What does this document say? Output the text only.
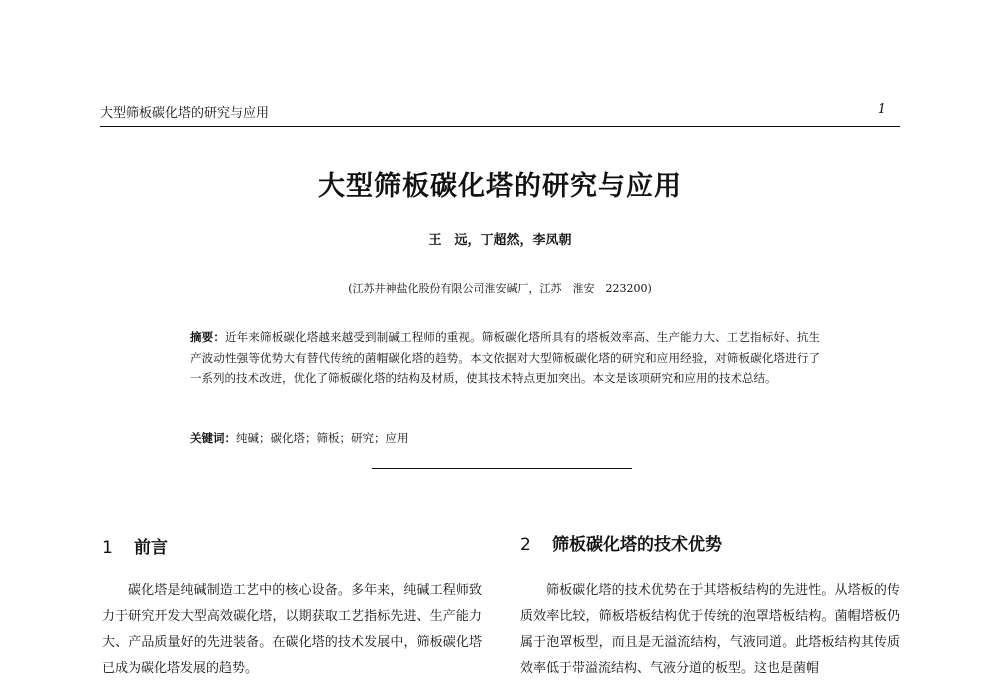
大型筛板碳化塔的研究与应用	1
大型筛板碳化塔的研究与应用
王　远，丁超然，李凤朝
(江苏井神盐化股份有限公司淮安碱厂，江苏　淮安　223200)
摘要：近年来筛板碳化塔越来越受到制碱工程师的重视。筛板碳化塔所具有的塔板效率高、生产能力大、工艺指标好、抗生产波动性强等优势大有替代传统的菌帽碳化塔的趋势。本文依据对大型筛板碳化塔的研究和应用经验，对筛板碳化塔进行了一系列的技术改进，优化了筛板碳化塔的结构及材质，使其技术特点更加突出。本文是该项研究和应用的技术总结。
关键词：纯碱；碳化塔；筛板；研究；应用
1 前言	2 筛板碳化塔的技术优势
碳化塔是纯碱制造工艺中的核心设备。多年来，纯碱工程师致力于研究开发大型高效碳化塔，以期获取工艺指标先进、生产能力大、产品质量好的先进装备。在碳化塔的技术发展中，筛板碳化塔已成为碳化塔发展的趋势。
筛板碳化塔的技术优势在于其塔板结构的先进性。从塔板的传质效率比较，筛板塔板结构优于传统的泡罩塔板结构。菌帽塔板仍属于泡罩板型，而且是无溢流结构，气液同道。此塔板结构其传质效率低于带溢流结构、气液分道的板型。这也是菌帽
